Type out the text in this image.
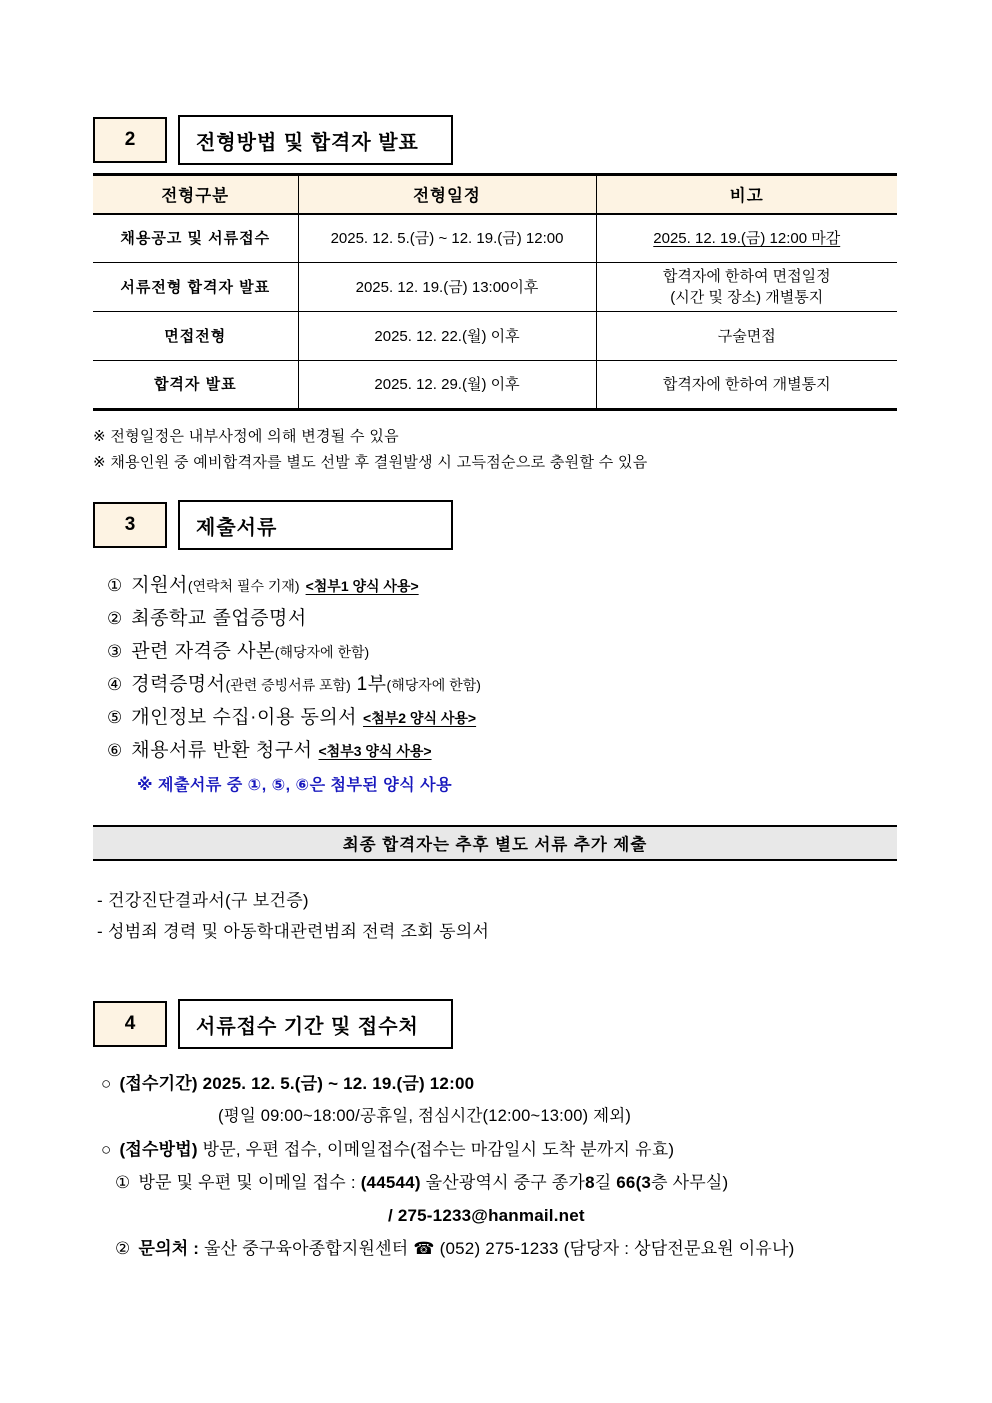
2	전형방법 및 합격자 발표
전형구분	전형일정	비고
채용공고 및 서류접수	2025. 12. 5.(금) ~ 12. 19.(금) 12:00	2025. 12. 19.(금) 12:00 마감
서류전형 합격자 발표	2025. 12. 19.(금) 13:00이후	합격자에 한하여 면접일정
(시간 및 장소) 개별통지

면접전형	2025. 12. 22.(월) 이후	구술면접
합격자 발표	2025. 12. 29.(월) 이후	합격자에 한하여 개별통지
※ 전형일정은 내부사정에 의해 변경될 수 있음
※ 채용인원 중 예비합격자를 별도 선발 후 결원발생 시 고득점순으로 충원할 수 있음
3	제출서류
① 지원서(연락처 필수 기재) <첨부1 양식 사용>
② 최종학교 졸업증명서
③ 관련 자격증 사본(해당자에 한함)
④ 경력증명서(관련 증빙서류 포함) 1부(해당자에 한함)
⑤ 개인정보 수집·이용 동의서 <첨부2 양식 사용>
⑥ 채용서류 반환 청구서 <첨부3 양식 사용>
※ 제출서류 중 ①, ⑤, ⑥은 첨부된 양식 사용
최종 합격자는 추후 별도 서류 추가 제출
- 건강진단결과서(구 보건증)
- 성범죄 경력 및 아동학대관련범죄 전력 조회 동의서
4	서류접수 기간 및 접수처
○ (접수기간) 2025. 12. 5.(금) ~ 12. 19.(금) 12:00
(평일 09:00~18:00/공휴일, 점심시간(12:00~13:00) 제외)
○ (접수방법) 방문, 우편 접수, 이메일접수(접수는 마감일시 도착 분까지 유효)
① 방문 및 우편 및 이메일 접수 : (44544) 울산광역시 중구 종가8길 66(3층 사무실)
/ 275-1233@hanmail.net
② 문의처 : 울산 중구육아종합지원센터 ☎ (052) 275-1233 (담당자 : 상담전문요원 이유나)
